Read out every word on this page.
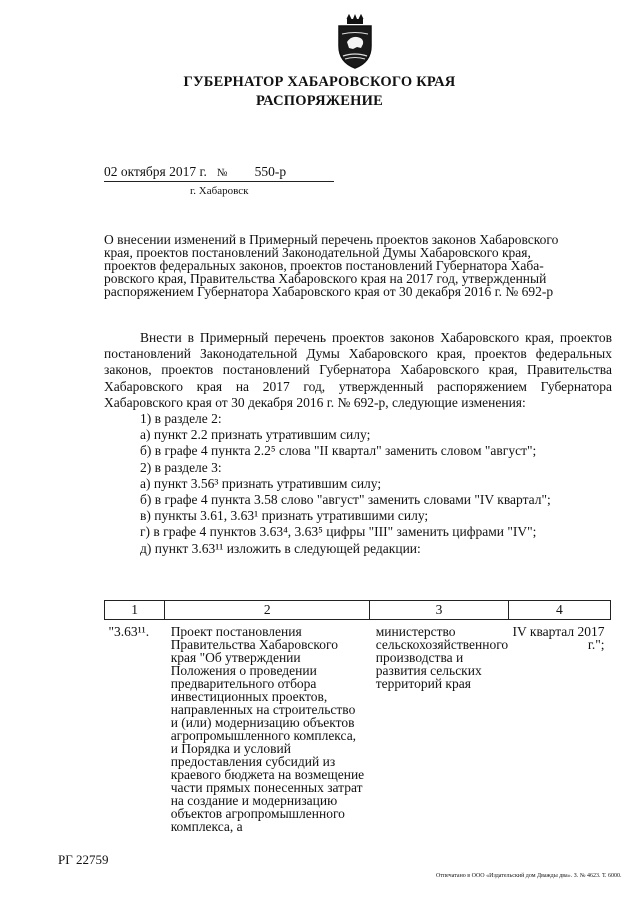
ГУБЕРНАТОР ХАБАРОВСКОГО КРАЯ
РАСПОРЯЖЕНИЕ
02 октября 2017 г. № 550-р
г. Хабаровск
О внесении изменений в Примерный перечень проектов законов Хабаровского
края, проектов постановлений Законодательной Думы Хабаровского края,
проектов федеральных законов, проектов постановлений Губернатора Хаба-
ровского края, Правительства Хабаровского края на 2017 год, утвержденный
распоряжением Губернатора Хабаровского края от 30 декабря 2016 г. № 692-р
Внести в Примерный перечень проектов законов Хабаровского края, проектов постановлений Законодательной Думы Хабаровского края, проектов федеральных законов, проектов постановлений Губернатора Хабаровского края, Правительства Хабаровского края на 2017 год, утвержденный распоряжением Губернатора Хабаровского края от 30 декабря 2016 г. № 692-р, следующие изменения:
1) в разделе 2:
а) пункт 2.2 признать утратившим силу;
б) в графе 4 пункта 2.2⁵ слова "II квартал" заменить словом "август";
2) в разделе 3:
а) пункт 3.56³ признать утратившим силу;
б) в графе 4 пункта 3.58 слово "август" заменить словами "IV квартал";
в) пункты 3.61, 3.63¹ признать утратившими силу;
г) в графе 4 пунктов 3.63⁴, 3.63⁵ цифры "III" заменить цифрами "IV";
д) пункт 3.63¹¹ изложить в следующей редакции:
1	2	3	4
"3.63¹¹.	Проект постановления Правительства Хабаровского края "Об утверждении Положения о проведении предварительного отбора инвестиционных проектов, направленных на строительство и (или) модернизацию объектов агропромышленного комплекса, и Порядка и условий предоставления субсидий из краевого бюджета на возмещение части прямых понесенных затрат на создание и модернизацию объектов агропромышленного комплекса, а	министерство сельскохозяйственного производства и развития сельских территорий края	IV квартал 2017 г.";
РГ 22759
Отпечатано в ООО «Издательский дом Дважды два». З. № 4623. Т. 6000.
